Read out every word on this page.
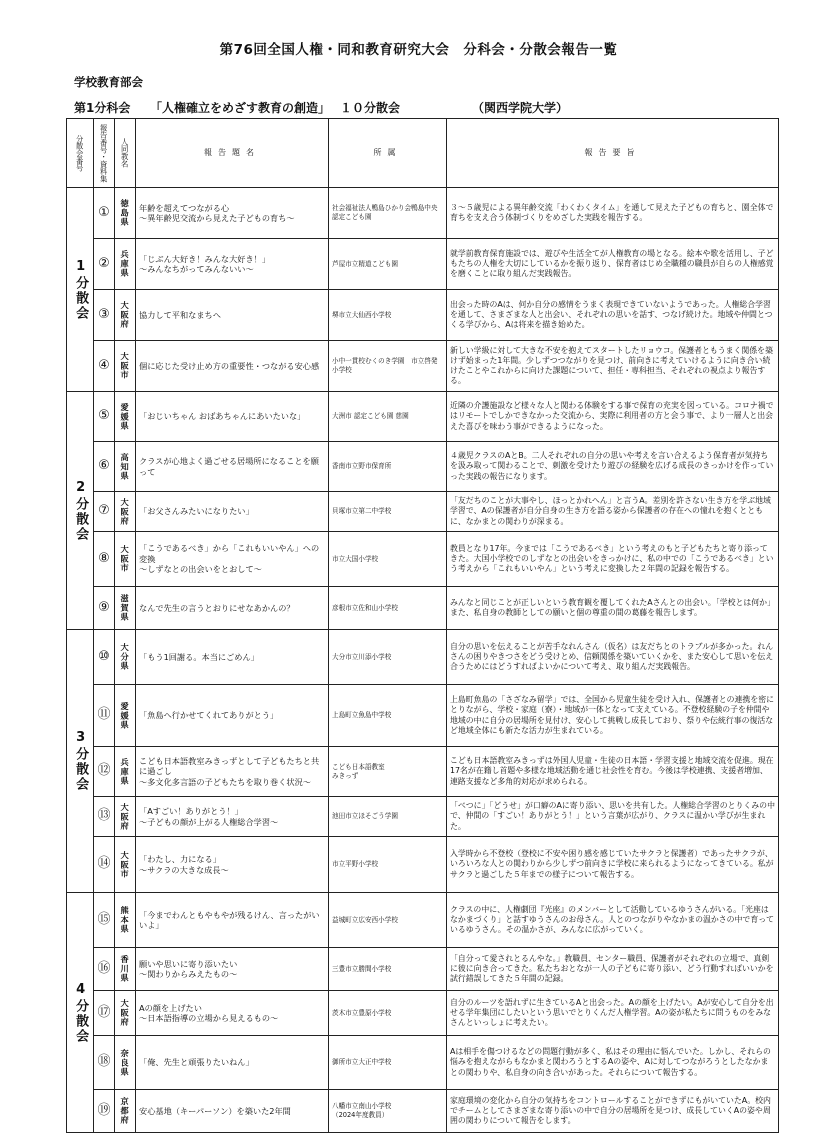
第76回全国人権・同和教育研究大会　分科会・分散会報告一覧
学校教育部会
第1分科会 「人権確立をめざす教育の創造」 １０分散会	（関西学院大学）
分散会番号	報告番号・資料集	人同教名	報告題名	所属	報告要旨

1分散会	①	徳島県	年齢を超えてつながる心
～異年齢児交流から見えた子どもの育ち～	社会福祉法人鴨島ひかり会鴨島中央認定こども園	３～５歳児による異年齢交流「わくわくタイム」を通して見えた子どもの育ちと、園全体で育ちを支え合う体制づくりをめざした実践を報告する。

	②	兵庫県	「じぶん大好き！みんな大好き！」
～みんなちがってみんないい～	芦屋市立精道こども園	就学前教育保育施設では、遊びや生活全てが人権教育の場となる。絵本や歌を活用し、子どもたちの人権を大切にしているかを振り返り、保育者はじめ全職種の職員が自らの人権感覚を磨くことに取り組んだ実践報告。

	③	大阪府	協力して平和なまちへ	堺市立大仙西小学校	出会った時のAは、何か自分の感情をうまく表現できていないようであった。人権総合学習を通して、さまざまな人と出会い、それぞれの思いを話す、つなげ続けた。地域や仲間とつくる学びから、Aは将来を描き始めた。

	④	大阪市	個に応じた受け止め方の重要性・つながる安心感	小中一貫校むくのき学園　市立啓発小学校	新しい学級に対して大きな不安を抱えてスタートしたリョウコ。保護者ともうまく関係を築けず始まった1年間。少しずつつながりを見つけ、前向きに考えていけるように向き合い続けたことやこれからに向けた課題について、担任・専科担当、それぞれの視点より報告する。

2分散会	⑤	愛媛県	「おじいちゃん おばあちゃんにあいたいな」	大洲市 認定こども園 慈園	近隣の介護施設など様々な人と関わる体験をする事で保育の充実を図っている。コロナ禍ではリモートでしかできなかった交流から、実際に利用者の方と会う事で、より一層人と出会えた喜びを味わう事ができるようになった。

	⑥	高知県	クラスが心地よく過ごせる居場所になることを願って	香南市立野市保育所	４歳児クラスのAとB。二人それぞれの自分の思いや考えを言い合えるよう保育者が気持ちを汲み取って関わることで、刺激を受けたり遊びの経験を広げる成長のきっかけを作っていった実践の報告になります。

	⑦	大阪府	「お父さんみたいになりたい」	貝塚市立第二中学校	「友だちのことが大事やし、ほっとかれへん」と言うA。差別を許さない生き方を学ぶ地域学習で、Aの保護者が自分自身の生き方を語る姿から保護者の存在への憧れを抱くとともに、なかまとの関わりが深まる。

	⑧	大阪市	「こうであるべき」から「これもいいやん」への変換
～しずなとの出会いをとおして～	市立大国小学校	教員となり17年。今までは「こうであるべき」という考えのもと子どもたちと寄り添ってきた。大国小学校でのしずなとの出会いをきっかけに、私の中での「こうであるべき」という考えから「これもいいやん」という考えに変換した２年間の記録を報告する。

	⑨	滋賀県	なんで先生の言うとおりにせなあかんの？	彦根市立佐和山小学校	みんなと同じことが正しいという教育観を覆してくれたAさんとの出会い。「学校とは何か」また、私自身の教師としての願いと個の尊重の間の葛藤を報告します。

3分散会	⑩	大分県	「もう1回謝る。本当にごめん」	大分市立川添小学校	自分の思いを伝えることが苦手なれんさん（仮名）は友だちとのトラブルが多かった。れんさんの困りやきつさをどう受けとめ、信頼関係を築いていくかを、また安心して思いを伝え合うためにはどうすればよいかについて考え、取り組んだ実践報告。

	⑪	愛媛県	「魚島へ行かせてくれてありがとう」	上島町立魚島中学校	上島町魚島の「さざなみ留学」では、全国から児童生徒を受け入れ、保護者との連携を密にとりながら、学校・家庭（寮）・地域が一体となって支えている。不登校経験の子を仲間や地域の中に自分の居場所を見付け、安心して挑戦し成長しており、祭りや伝統行事の復活など地域全体にも新たな活力が生まれている。

	⑫	兵庫県	こども日本語教室みきっずとして子どもたちと共に過ごし
～多文化多言語の子どもたちを取り巻く状況～	こども日本語教室
みきっず	こども日本語教室みきっずは外国人児童・生徒の日本語・学習支援と地域交流を促進。現在17名が在籍し首題や多様な地域活動を通じ社会性を育む。今後は学校連携、支援者増加、連路支援など多角的対応が求められる。

	⑬	大阪府	「Aすごい！ありがとう！」
～子どもの顔が上がる人権総合学習～	池田市立ほそごう学園	「べつに」「どうせ」が口癖のAに寄り添い、思いを共有した。人権総合学習のとりくみの中で、仲間の「すごい！ありがとう！」という言葉が広がり、クラスに温かい学びが生まれた。

	⑭	大阪市	「わたし、力になる」
～サクラの大きな成長～	市立平野小学校	入学時から不登校（登校に不安や困り感を感じていたサクラと保護者）であったサクラが、いろいろな人との関わりから少しずつ前向きに学校に来られるようになってきている。私がサクラと過ごした５年までの様子について報告する。

4分散会	⑮	熊本県	「今までわんともやもやが残るけん、言ったがいいよ」	益城町立広安西小学校	クラスの中に、人権劇団『光座』のメンバーとして活動しているゆうさんがいる。「光座はなかまづくり」と話すゆうさんのお母さん。人とのつながりやなかまの温かさの中で育っているゆうさん。その温かさが、みんなに広がっていく。

	⑯	香川県	願いや思いに寄り添いたい
～関わりからみえたもの～	三豊市立勝間小学校	「自分って愛されとるんやな。」教職員、センター職員、保護者がそれぞれの立場で、真剣に彼に向き合ってきた。私たちおとなが一人の子どもに寄り添い、どう行動すればいいかを試行錯誤してきた５年間の記録。

	⑰	大阪府	Aの顔を上げたい
～日本語指導の立場から見えるもの～	茨木市立豊原小学校	自分のルーツを語れずに生きているAと出会った。Aの顔を上げたい。Aが安心して自分を出せる学年集団にしたいという思いでとりくんだ人権学習。Aの姿が私たちに問うものをみなさんといっしょに考えたい。

	⑱	奈良県	「俺、先生と頑張りたいねん」	御所市立大正中学校	Aは相手を傷つけるなどの問題行動が多く、私はその理由に悩んでいた。しかし、それらの悩みを抱えながらもなかまと関わろうとするAの姿や、Aに対してつながろうとしたなかまとの関わりや、私自身の向き合いがあった。それらについて報告する。

	⑲	京都府	安心基地（キーパーソン）を築いた2年間	八幡市立南山小学校
（2024年度教員）	家庭環境の変化から自分の気持ちをコントロールすることができずにもがいていたA。校内でチームとしてさまざまな寄り添いの中で自分の居場所を見つけ、成長していくAの姿や周囲の関わりについて報告をします。
